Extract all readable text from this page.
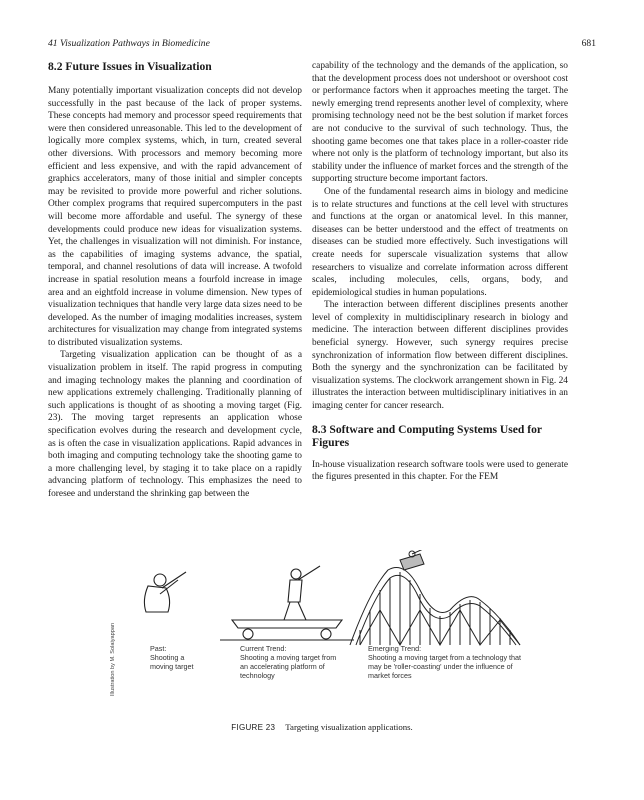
41 Visualization Pathways in Biomedicine	681
8.2 Future Issues in Visualization

Many potentially important visualization concepts did not develop successfully in the past because of the lack of proper systems. These concepts had memory and processor speed requirements that were then considered unreasonable. This led to the development of logically more complex systems, which, in turn, created several other diversions. With processors and memory becoming more efficient and less expensive, and with the rapid advancement of graphics accelerators, many of those initial and simpler concepts may be revisited to provide more powerful and richer solutions. Other complex programs that required supercomputers in the past will become more affordable and useful. The synergy of these developments could produce new ideas for visualization systems. Yet, the challenges in visualization will not diminish. For instance, as the capabilities of imaging systems advance, the spatial, temporal, and channel resolutions of data will increase. A twofold increase in spatial resolution means a fourfold increase in image area and an eightfold increase in volume dimension. New types of visualization techniques that handle very large data sizes need to be developed. As the number of imaging modalities increases, system architectures for visualization may change from integrated systems to distributed visualization systems.

Targeting visualization application can be thought of as a visualization problem in itself. The rapid progress in computing and imaging technology makes the planning and coordination of new applications extremely challenging. Traditionally planning of such applications is thought of as shooting a moving target (Fig. 23). The moving target represents an application whose specification evolves during the research and development cycle, as is often the case in visualization applications. Rapid advances in both imaging and computing technology take the shooting game to a more challenging level, by staging it to take place on a rapidly advancing platform of technology. This emphasizes the need to foresee and understand the shrinking gap between the

capability of the technology and the demands of the application, so that the development process does not undershoot or overshoot cost or performance factors when it approaches meeting the target. The newly emerging trend represents another level of complexity, where promising technology need not be the best solution if market forces are not conducive to the survival of such technology. Thus, the shooting game becomes one that takes place in a roller-coaster ride where not only is the platform of technology important, but also its stability under the influence of market forces and the strength of the supporting structure become important factors.

One of the fundamental research aims in biology and medicine is to relate structures and functions at the cell level with structures and functions at the organ or anatomical level. In this manner, diseases can be better understood and the effect of treatments on diseases can be studied more effectively. Such investigations will create needs for superscale visualization systems that allow researchers to visualize and correlate information across different scales, including molecules, cells, organs, body, and epidemiological studies in human populations.

The interaction between different disciplines presents another level of complexity in multidisciplinary research in biology and medicine. The interaction between different disciplines provides beneficial synergy. However, such synergy requires precise synchronization of information flow between different disciplines. Both the synergy and the synchronization can be facilitated by visualization systems. The clockwork arrangement shown in Fig. 24 illustrates the interaction between multidisciplinary initiatives in an imaging center for cancer research.

8.3 Software and Computing Systems Used for Figures

In-house visualization research software tools were used to generate the figures presented in this chapter. For the FEM

Illustration by M. Solaiyappan	Past:
Shooting a
moving target
Current Trend:
Shooting a moving target from
an accelerating platform of
technology
Emerging Trend:
Shooting a moving target from a technology that
may be 'roller-coasting' under the influence of
market forces
FIGURE 23 Targeting visualization applications.
